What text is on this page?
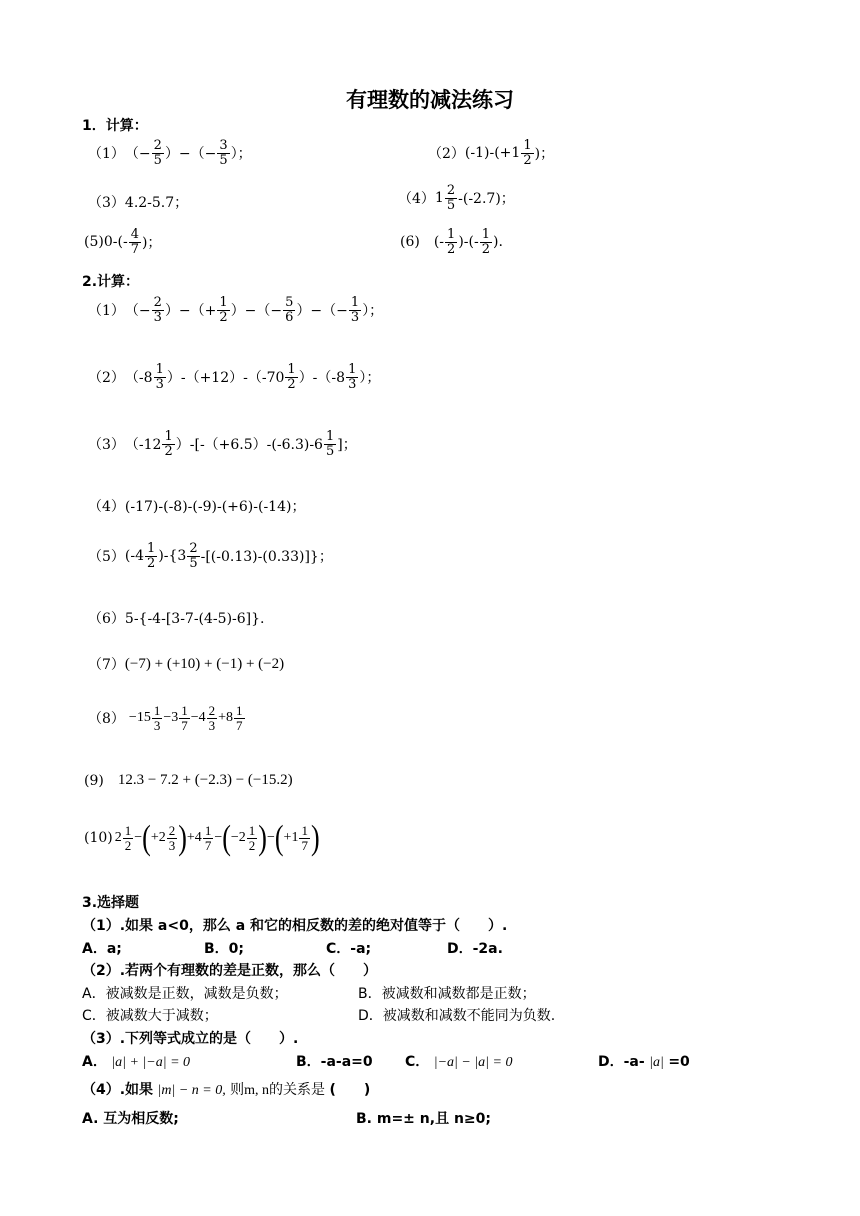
有理数的减法练习
1．计算：
（1） （− $\frac{2}{5}$ ）−（− $\frac{3}{5}$ ）；	（2） $(-1)-(+1 \frac{1}{2}$ )；
（3）4.2-5.7；	（4） $1 \frac{2}{5} -(-2.7)$；
(5) $0-(- \frac{4}{7}$ )；	(6) (- $\frac{1}{2}$ )-(- $\frac{1}{2}$ ).
2.计算：
（1） （− $\frac{2}{3}$ ）−（+ $\frac{1}{2}$ ）−（− $\frac{5}{6}$ ）−（− $\frac{1}{3}$ ）；
（2） $(-8 \frac{1}{3} )-(+12)-(-70 \frac{1}{2} )-(-8 \frac{1}{3}$ ）；
（3） $(-12 \frac{1}{2} )-[-(+6.5)-(-6.3)-6 \frac{1}{5}$ ]；
（4）(-17)-(-8)-(-9)-(+6)-(-14)；
（5） $(-4 \frac{1}{2} )-\{3 \frac{2}{5} -[(-0.13)-(0.33)]\}$；
（6）5-{-4-[3-7-(4-5)-6]}.
（7） (−7) + (+10) + (−1) + (−2)
$(8) -15 \frac{1}{3} -3 \frac{1}{7} -4 \frac{2}{3} +8 \frac{1}{7}$
(9) 12.3 − 7.2 + (−2.3) − (−15.2)
(10) $2 \frac{1}{2}$ − ( $+2 \frac{2}{3}$ ) $+4 \frac{1}{7}$ − ( $-2 \frac{1}{2}$ ) − ( $+1 \frac{1}{7}$ )
3.选择题
（1）.如果 a<0，那么 a 和它的相反数的差的绝对值等于（　　）.
A．a;	B．0;	C．-a;	D．-2a.
（2）.若两个有理数的差是正数，那么（　　）
A．被减数是正数，减数是负数；	B．被减数和减数都是正数；
C．被减数大于减数；	D．被减数和减数不能同为负数.
（3）.下列等式成立的是（　　）.
A． |a| + |−a| = 0	B．-a-a=0 C． |−a| − |a| = 0	D．-a- |a| =0
（4）.如果 |m| − n = 0, 则m, n的关系是 (　　)
A. 互为相反数;	B. m=± n,且 n≥0;
